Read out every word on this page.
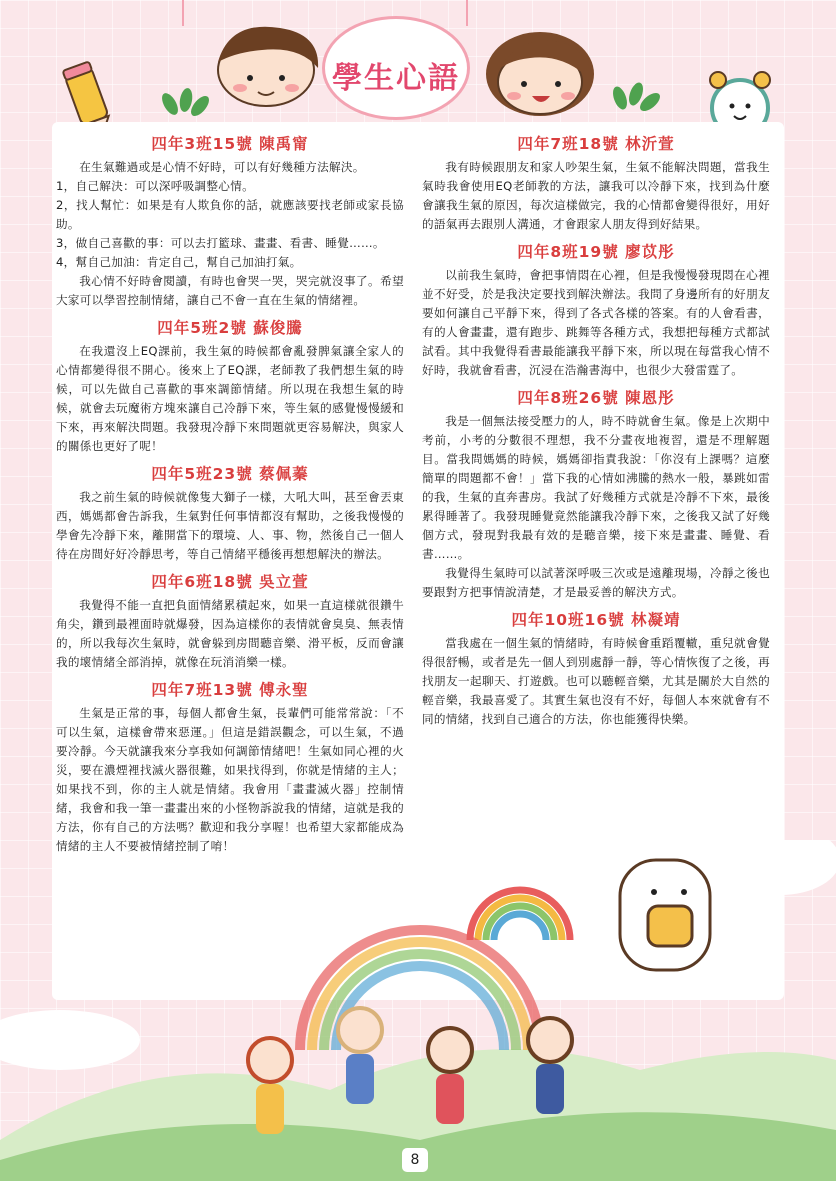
學生心語
四年3班15號 陳禹甯

在生氣難過或是心情不好時，可以有好幾種方法解決。

1，自己解決：可以深呼吸調整心情。

2，找人幫忙：如果是有人欺負你的話，就應該要找老師或家長協助。

3，做自己喜歡的事：可以去打籃球、畫畫、看書、睡覺……。

4，幫自己加油：肯定自己，幫自己加油打氣。

我心情不好時會閱讀，有時也會哭一哭，哭完就沒事了。希望大家可以學習控制情緒，讓自己不會一直在生氣的情緒裡。

四年5班2號 蘇俊騰

在我還沒上EQ課前，我生氣的時候都會亂發脾氣讓全家人的心情都變得很不開心。後來上了EQ課，老師教了我們想生氣的時候，可以先做自己喜歡的事來調節情緒。所以現在我想生氣的時候，就會去玩魔術方塊來讓自己冷靜下來，等生氣的感覺慢慢緩和下來，再來解決問題。我發現冷靜下來問題就更容易解決，與家人的關係也更好了呢！

四年5班23號 蔡佩蓁

我之前生氣的時候就像隻大獅子一樣，大吼大叫，甚至會丟東西，媽媽都會告訴我，生氣對任何事情都沒有幫助，之後我慢慢的學會先冷靜下來，離開當下的環境、人、事、物，然後自己一個人待在房間好好冷靜思考，等自己情緒平穩後再想想解決的辦法。

四年6班18號 吳立萱

我覺得不能一直把負面情緒累積起來，如果一直這樣就很鑽牛角尖，鑽到最裡面時就爆發，因為這樣你的表情就會臭臭、無表情的，所以我每次生氣時，就會躲到房間聽音樂、滑平板，反而會讓我的壞情緒全部消掉，就像在玩消消樂一樣。

四年7班13號 傅永聖

生氣是正常的事，每個人都會生氣，長輩們可能常常說：「不可以生氣，這樣會帶來惡運。」但這是錯誤觀念，可以生氣，不過要冷靜。今天就讓我來分享我如何調節情緒吧！生氣如同心裡的火災，要在濃煙裡找滅火器很難，如果找得到，你就是情緒的主人；如果找不到，你的主人就是情緒。我會用「畫畫滅火器」控制情緒，我會和我一筆一畫畫出來的小怪物訴說我的情緒，這就是我的方法，你有自己的方法嗎？歡迎和我分享喔！也希望大家都能成為情緒的主人不要被情緒控制了唷！

四年7班18號 林沂萱

我有時候跟朋友和家人吵架生氣，生氣不能解決問題，當我生氣時我會使用EQ老師教的方法，讓我可以冷靜下來，找到為什麼會讓我生氣的原因，每次這樣做完，我的心情都會變得很好，用好的語氣再去跟別人溝通，才會跟家人朋友得到好結果。

四年8班19號 廖苡彤

以前我生氣時，會把事情悶在心裡，但是我慢慢發現悶在心裡並不好受，於是我決定要找到解決辦法。我問了身邊所有的好朋友要如何讓自己平靜下來，得到了各式各樣的答案。有的人會看書，有的人會畫畫，還有跑步、跳舞等各種方式，我想把每種方式都試試看。其中我覺得看書最能讓我平靜下來，所以現在每當我心情不好時，我就會看書，沉浸在浩瀚書海中，也很少大發雷霆了。

四年8班26號 陳恩彤

我是一個無法接受壓力的人，時不時就會生氣。像是上次期中考前，小考的分數很不理想，我不分晝夜地複習，還是不理解題目。當我問媽媽的時候，媽媽卻指責我說：「你沒有上課嗎？這麼簡單的問題都不會！」當下我的心情如沸騰的熱水一般，暴跳如雷的我，生氣的直奔書房。我試了好幾種方式就是冷靜不下來，最後累得睡著了。我發現睡覺竟然能讓我冷靜下來，之後我又試了好幾個方式，發現對我最有效的是聽音樂，接下來是畫畫、睡覺、看書……。

我覺得生氣時可以試著深呼吸三次或是遠離現場，冷靜之後也要跟對方把事情說清楚，才是最妥善的解決方式。

四年10班16號 林凝靖

當我處在一個生氣的情緒時，有時候會重蹈覆轍，重兒就會覺得很舒暢，或者是先一個人到別處靜一靜，等心情恢復了之後，再找朋友一起聊天、打遊戲。也可以聽輕音樂，尤其是關於大自然的輕音樂，我最喜愛了。其實生氣也沒有不好，每個人本來就會有不同的情緒，找到自己適合的方法，你也能獲得快樂。

8
